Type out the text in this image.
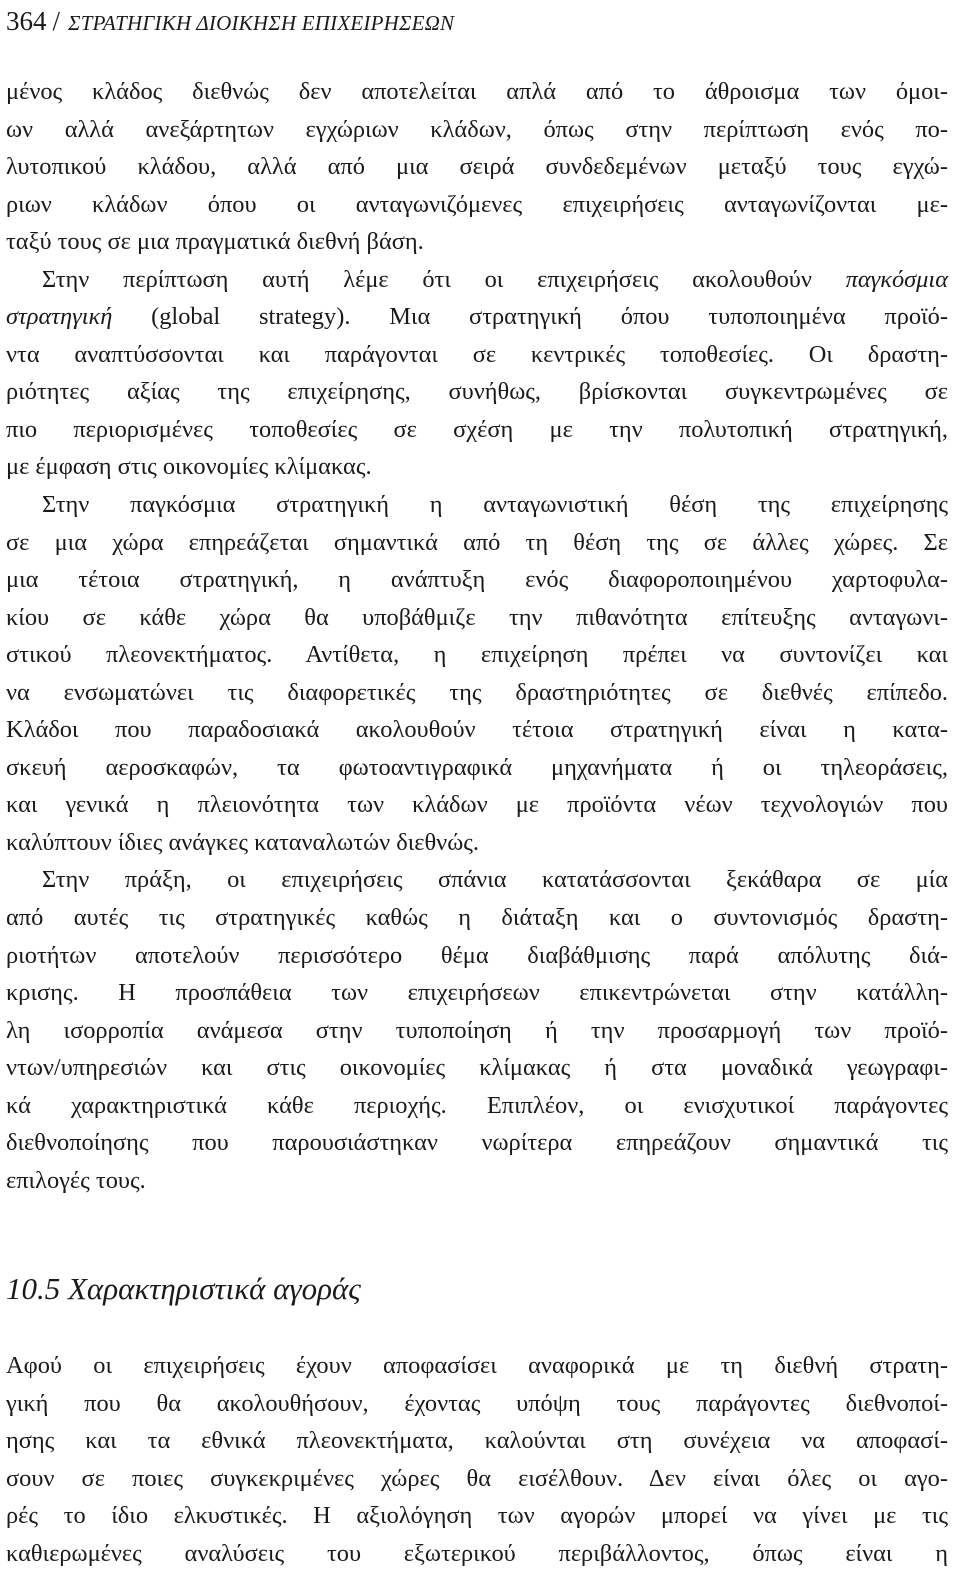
364 / ΣΤΡΑΤΗΓΙΚΗ ΔΙΟΙΚΗΣΗ ΕΠΙΧΕΙΡΗΣΕΩΝ
μένος κλάδος διεθνώς δεν αποτελείται απλά από το άθροισμα των όμοι-
ων αλλά ανεξάρτητων εγχώριων κλάδων, όπως στην περίπτωση ενός πο-
λυτοπικού κλάδου, αλλά από μια σειρά συνδεδεμένων μεταξύ τους εγχώ-
ριων κλάδων όπου οι ανταγωνιζόμενες επιχειρήσεις ανταγωνίζονται με-
ταξύ τους σε μια πραγματικά διεθνή βάση.
Στην περίπτωση αυτή λέμε ότι οι επιχειρήσεις ακολουθούν παγκόσμια
στρατηγική (global strategy). Μια στρατηγική όπου τυποποιημένα προϊό-
ντα αναπτύσσονται και παράγονται σε κεντρικές τοποθεσίες. Οι δραστη-
ριότητες αξίας της επιχείρησης, συνήθως, βρίσκονται συγκεντρωμένες σε
πιο περιορισμένες τοποθεσίες σε σχέση με την πολυτοπική στρατηγική,
με έμφαση στις οικονομίες κλίμακας.
Στην παγκόσμια στρατηγική η ανταγωνιστική θέση της επιχείρησης
σε μια χώρα επηρεάζεται σημαντικά από τη θέση της σε άλλες χώρες. Σε
μια τέτοια στρατηγική, η ανάπτυξη ενός διαφοροποιημένου χαρτοφυλα-
κίου σε κάθε χώρα θα υποβάθμιζε την πιθανότητα επίτευξης ανταγωνι-
στικού πλεονεκτήματος. Αντίθετα, η επιχείρηση πρέπει να συντονίζει και
να ενσωματώνει τις διαφορετικές της δραστηριότητες σε διεθνές επίπεδο.
Κλάδοι που παραδοσιακά ακολουθούν τέτοια στρατηγική είναι η κατα-
σκευή αεροσκαφών, τα φωτοαντιγραφικά μηχανήματα ή οι τηλεοράσεις,
και γενικά η πλειονότητα των κλάδων με προϊόντα νέων τεχνολογιών που
καλύπτουν ίδιες ανάγκες καταναλωτών διεθνώς.
Στην πράξη, οι επιχειρήσεις σπάνια κατατάσσονται ξεκάθαρα σε μία
από αυτές τις στρατηγικές καθώς η διάταξη και ο συντονισμός δραστη-
ριοτήτων αποτελούν περισσότερο θέμα διαβάθμισης παρά απόλυτης διά-
κρισης. Η προσπάθεια των επιχειρήσεων επικεντρώνεται στην κατάλλη-
λη ισορροπία ανάμεσα στην τυποποίηση ή την προσαρμογή των προϊό-
ντων/υπηρεσιών και στις οικονομίες κλίμακας ή στα μοναδικά γεωγραφι-
κά χαρακτηριστικά κάθε περιοχής. Επιπλέον, οι ενισχυτικοί παράγοντες
διεθνοποίησης που παρουσιάστηκαν νωρίτερα επηρεάζουν σημαντικά τις
επιλογές τους.
10.5 Χαρακτηριστικά αγοράς
Αφού οι επιχειρήσεις έχουν αποφασίσει αναφορικά με τη διεθνή στρατη-
γική που θα ακολουθήσουν, έχοντας υπόψη τους παράγοντες διεθνοποί-
ησης και τα εθνικά πλεονεκτήματα, καλούνται στη συνέχεια να αποφασί-
σουν σε ποιες συγκεκριμένες χώρες θα εισέλθουν. Δεν είναι όλες οι αγο-
ρές το ίδιο ελκυστικές. Η αξιολόγηση των αγορών μπορεί να γίνει με τις
καθιερωμένες αναλύσεις του εξωτερικού περιβάλλοντος, όπως είναι η
